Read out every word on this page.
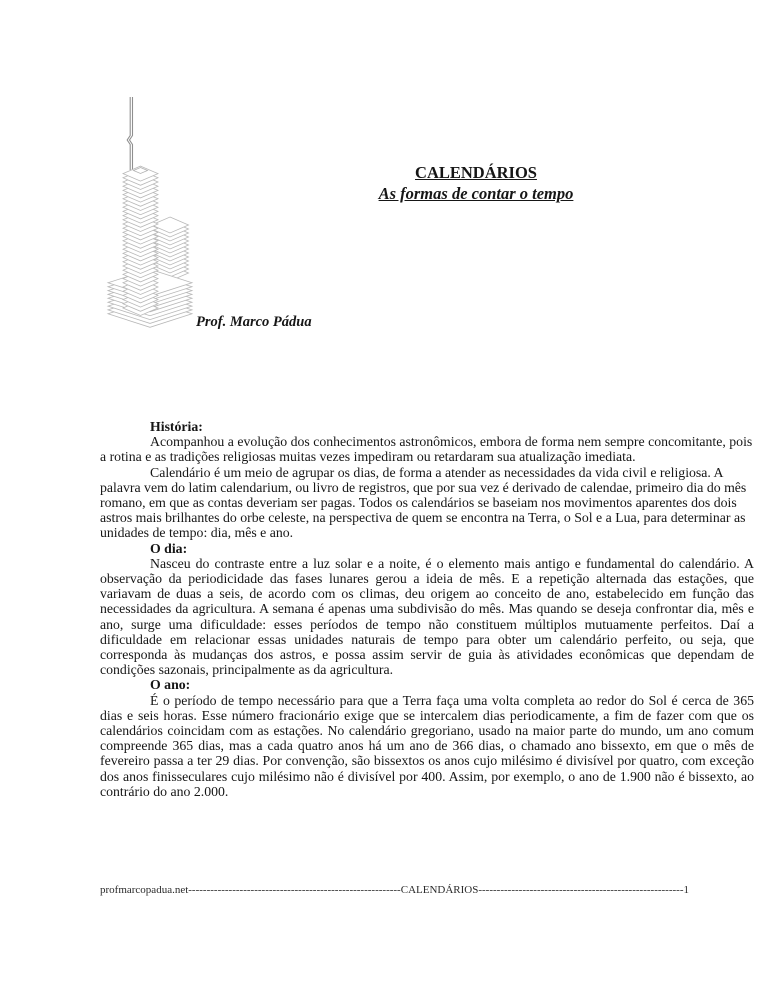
CALENDÁRIOS
As formas de contar o tempo
Prof. Marco Pádua

História:

Acompanhou a evolução dos conhecimentos astronômicos, embora de forma nem sempre concomitante, pois a rotina e as tradições religiosas muitas vezes impediram ou retardaram sua atualização imediata.

Calendário é um meio de agrupar os dias, de forma a atender as necessidades da vida civil e religiosa. A palavra vem do latim calendarium, ou livro de registros, que por sua vez é derivado de calendae, primeiro dia do mês romano, em que as contas deveriam ser pagas. Todos os calendários se baseiam nos movimentos aparentes dos dois astros mais brilhantes do orbe celeste, na perspectiva de quem se encontra na Terra, o Sol e a Lua, para determinar as unidades de tempo: dia, mês e ano.

O dia:

Nasceu do contraste entre a luz solar e a noite, é o elemento mais antigo e fundamental do calendário. A observação da periodicidade das fases lunares gerou a ideia de mês. E a repetição alternada das estações, que variavam de duas a seis, de acordo com os climas, deu origem ao conceito de ano, estabelecido em função das necessidades da agricultura. A semana é apenas uma subdivisão do mês. Mas quando se deseja confrontar dia, mês e ano, surge uma dificuldade: esses períodos de tempo não constituem múltiplos mutuamente perfeitos. Daí a dificuldade em relacionar essas unidades naturais de tempo para obter um calendário perfeito, ou seja, que corresponda às mudanças dos astros, e possa assim servir de guia às atividades econômicas que dependam de condições sazonais, principalmente as da agricultura.

O ano:

É o período de tempo necessário para que a Terra faça uma volta completa ao redor do Sol é cerca de 365 dias e seis horas. Esse número fracionário exige que se intercalem dias periodicamente, a fim de fazer com que os calendários coincidam com as estações. No calendário gregoriano, usado na maior parte do mundo, um ano comum compreende 365 dias, mas a cada quatro anos há um ano de 366 dias, o chamado ano bissexto, em que o mês de fevereiro passa a ter 29 dias. Por convenção, são bissextos os anos cujo milésimo é divisível por quatro, com exceção dos anos finisseculares cujo milésimo não é divisível por 400. Assim, por exemplo, o ano de 1.900 não é bissexto, ao contrário do ano 2.000.

profmarcopadua.net----------------------------------------------------------CALENDÁRIOS--------------------------------------------------------1
